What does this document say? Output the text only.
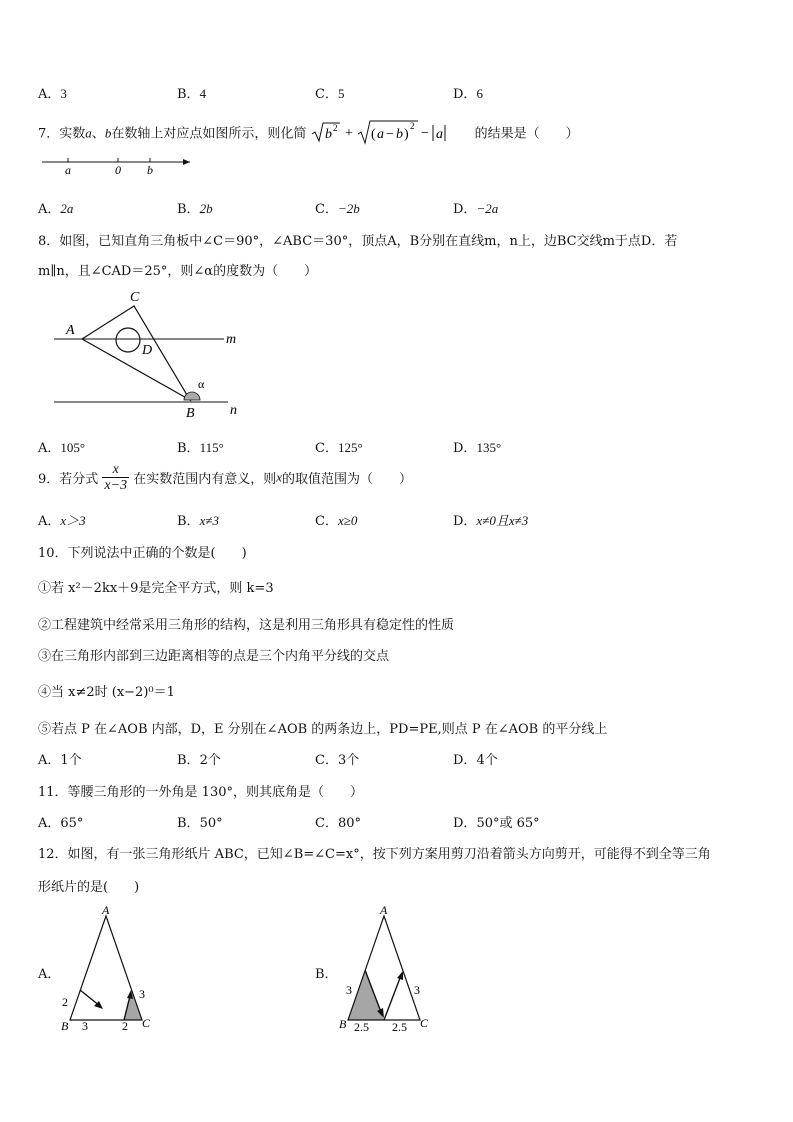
A．3	B．4	C．5	D．6
7．实数a、b在数轴上对应点如图所示，则化简 b 2 + ( a − b )
2 − a 的结果是（　　）
a	0 b
A．2a	B．2b	C．−2b	D．−2a
8．如图，已知直角三角板中∠C＝90°，∠ABC＝30°，顶点A，B分别在直线m，n上，边BC交线m于点D．若
m∥n，且∠CAD＝25°，则∠α的度数为（　　）
A
C
D
B
m
n
α
A．105°	B．115°	C．125°	D．135°
9．若分式 $\frac{x}{x-3}$ 在实数范围内有意义，则x的取值范围为（　　）
A．x＞3	B．x≠3	C．x≥0	D．x≠0且x≠3
10．下列说法中正确的个数是(　　)
①若 x²－2kx＋9是完全平方式，则 k=3
②工程建筑中经常采用三角形的结构，这是利用三角形具有稳定性的性质
③在三角形内部到三边距离相等的点是三个内角平分线的交点
④当 x≠2时 (x−2)⁰＝1
⑤若点 P 在∠AOB 内部，D，E 分别在∠AOB 的两条边上，PD=PE,则点 P 在∠AOB 的平分线上
A．1个	B．2个	C．3个	D．4个
11．等腰三角形的一外角是 130°，则其底角是（　　）
A．65°	B．50°	C．80°	D．50°或 65°
12．如图，有一张三角形纸片 ABC，已知∠B=∠C=x°，按下列方案用剪刀沿着箭头方向剪开，可能得不到全等三角
形纸片的是(　　)
A．
A
B	C
2
3	2
3
B．
A
B	C
3
2.5 2.5
3
